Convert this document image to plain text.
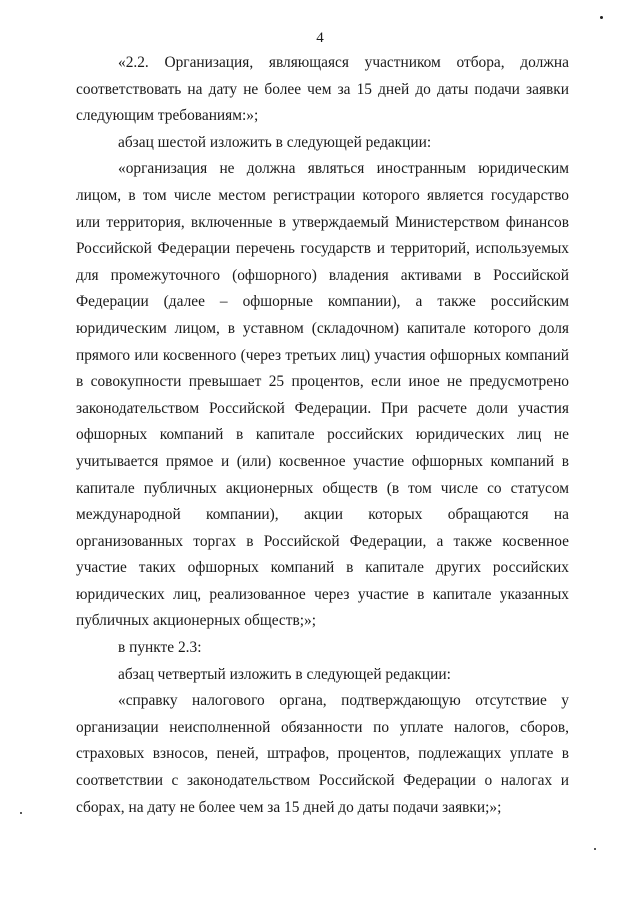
4

«2.2. Организация, являющаяся участником отбора, должна соответствовать на дату не более чем за 15 дней до даты подачи заявки следующим требованиям:»;

абзац шестой изложить в следующей редакции:

«организация не должна являться иностранным юридическим лицом, в том числе местом регистрации которого является государство или территория, включенные в утверждаемый Министерством финансов Российской Федерации перечень государств и территорий, используемых для промежуточного (офшорного) владения активами в Российской Федерации (далее – офшорные компании), а также российским юридическим лицом, в уставном (складочном) капитале которого доля прямого или косвенного (через третьих лиц) участия офшорных компаний в совокупности превышает 25 процентов, если иное не предусмотрено законодательством Российской Федерации. При расчете доли участия офшорных компаний в капитале российских юридических лиц не учитывается прямое и (или) косвенное участие офшорных компаний в капитале публичных акционерных обществ (в том числе со статусом международной компании), акции которых обращаются на организованных торгах в Российской Федерации, а также косвенное участие таких офшорных компаний в капитале других российских юридических лиц, реализованное через участие в капитале указанных публичных акционерных обществ;»;

в пункте 2.3:

абзац четвертый изложить в следующей редакции:

«справку налогового органа, подтверждающую отсутствие у организации неисполненной обязанности по уплате налогов, сборов, страховых взносов, пеней, штрафов, процентов, подлежащих уплате в соответствии с законодательством Российской Федерации о налогах и сборах, на дату не более чем за 15 дней до даты подачи заявки;»;
